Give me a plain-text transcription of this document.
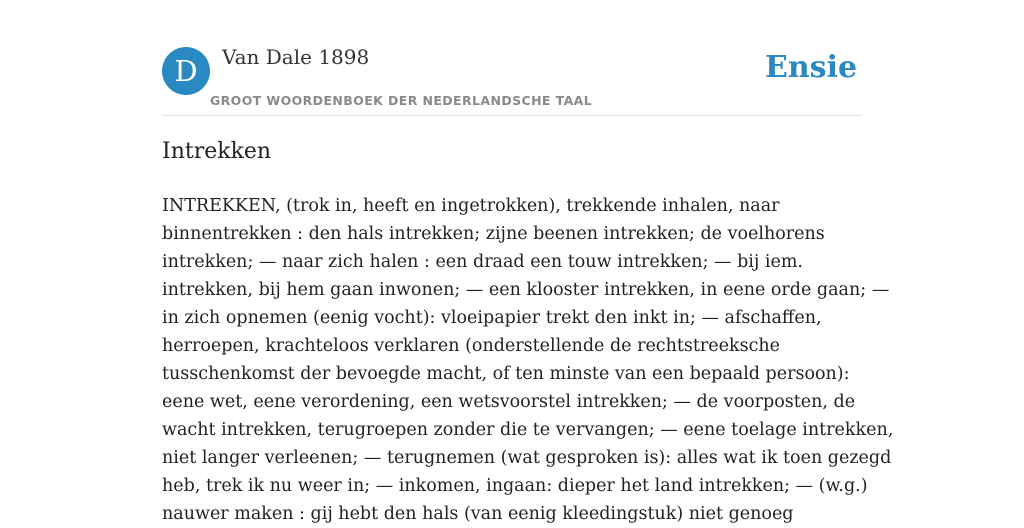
D	Van Dale 1898
GROOT WOORDENBOEK DER NEDERLANDSCHE TAAL
Ensie
Intrekken
INTREKKEN, (trok in, heeft en ingetrokken), trekkende inhalen, naar
binnentrekken : den hals intrekken; zijne beenen intrekken; de voelhorens
intrekken; — naar zich halen : een draad een touw intrekken; — bij iem.
intrekken, bij hem gaan inwonen; — een klooster intrekken, in eene orde gaan; —
in zich opnemen (eenig vocht): vloeipapier trekt den inkt in; — afschaffen,
herroepen, krachteloos verklaren (onderstellende de rechtstreeksche
tusschenkomst der bevoegde macht, of ten minste van een bepaald persoon):
eene wet, eene verordening, een wetsvoorstel intrekken; — de voorposten, de
wacht intrekken, terugroepen zonder die te vervangen; — eene toelage intrekken,
niet langer verleenen; — terugnemen (wat gesproken is): alles wat ik toen gezegd
heb, trek ik nu weer in; — inkomen, ingaan: dieper het land intrekken; — (w.g.)
nauwer maken : gij hebt den hals (van eenig kleedingstuk) niet genoeg
